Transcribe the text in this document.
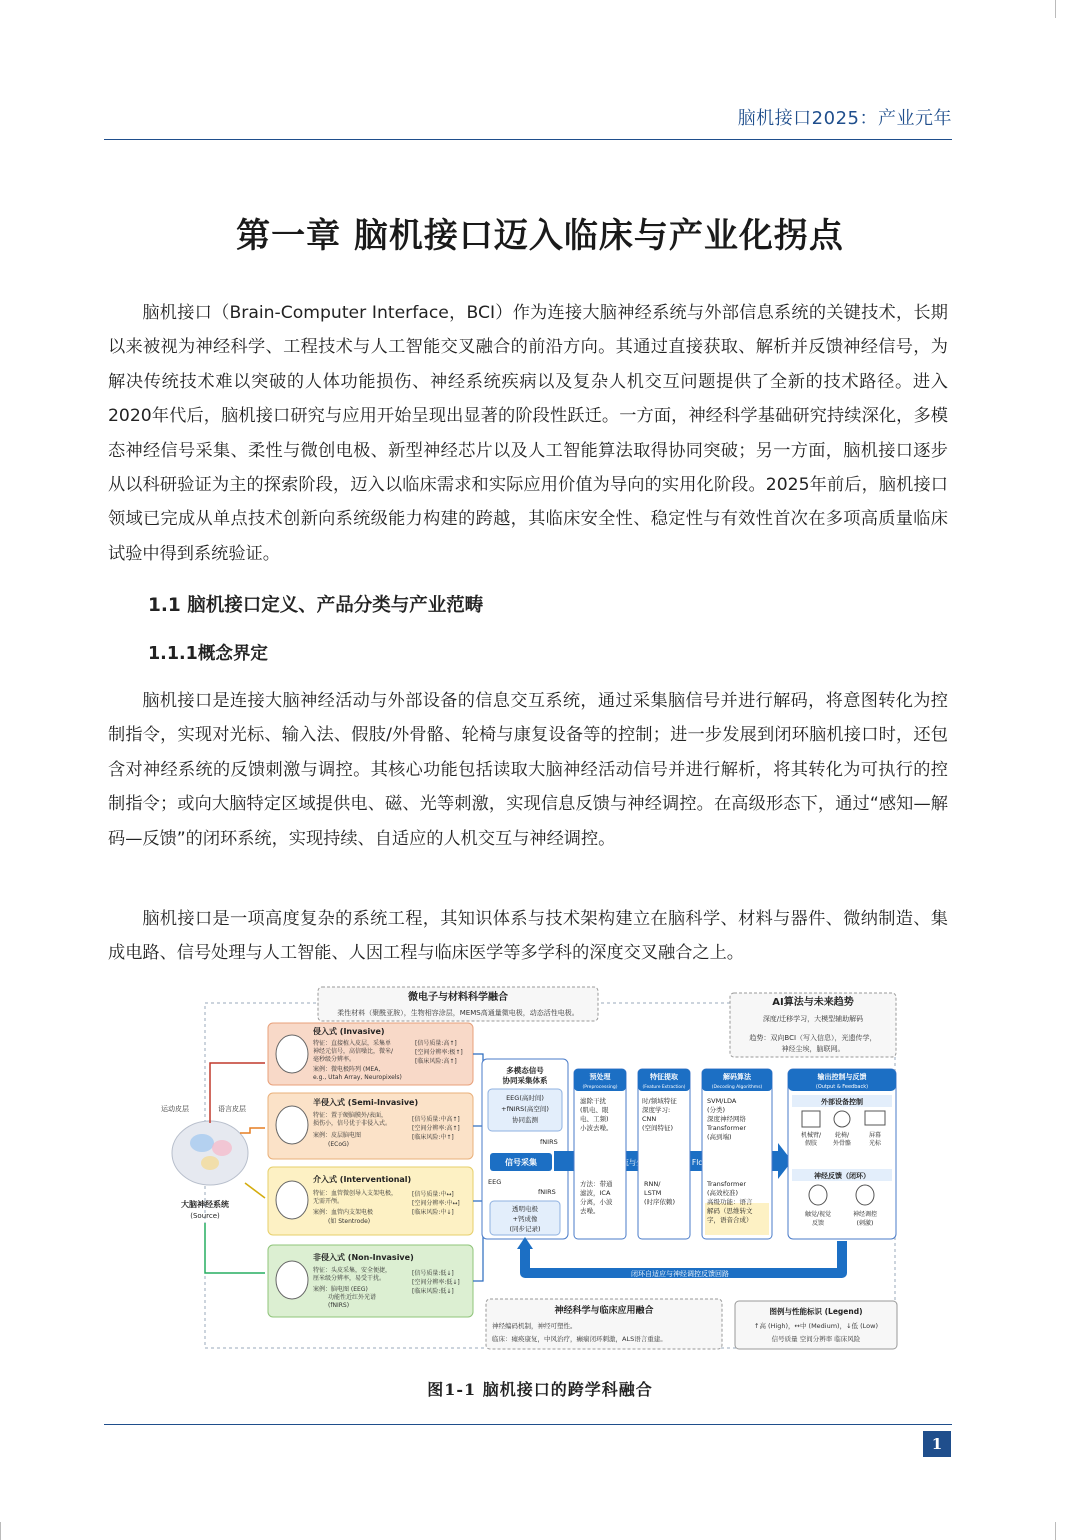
脑机接口2025：产业元年
第一章 脑机接口迈入临床与产业化拐点

脑机接口（Brain-Computer Interface，BCI）作为连接大脑神经系统与外部信息系统的关键技术，长期以来被视为神经科学、工程技术与人工智能交叉融合的前沿方向。其通过直接获取、解析并反馈神经信号，为解决传统技术难以突破的人体功能损伤、神经系统疾病以及复杂人机交互问题提供了全新的技术路径。进入2020年代后，脑机接口研究与应用开始呈现出显著的阶段性跃迁。一方面，神经科学基础研究持续深化，多模态神经信号采集、柔性与微创电极、新型神经芯片以及人工智能算法取得协同突破；另一方面，脑机接口逐步从以科研验证为主的探索阶段，迈入以临床需求和实际应用价值为导向的实用化阶段。2025年前后，脑机接口领域已完成从单点技术创新向系统级能力构建的跨越，其临床安全性、稳定性与有效性首次在多项高质量临床试验中得到系统验证。

1.1 脑机接口定义、产品分类与产业范畴
1.1.1概念界定

脑机接口是连接大脑神经活动与外部设备的信息交互系统，通过采集脑信号并进行解码，将意图转化为控制指令，实现对光标、输入法、假肢/外骨骼、轮椅与康复设备等的控制；进一步发展到闭环脑机接口时，还包含对神经系统的反馈刺激与调控。其核心功能包括读取大脑神经活动信号并进行解析，将其转化为可执行的控制指令；或向大脑特定区域提供电、磁、光等刺激，实现信息反馈与神经调控。在高级形态下，通过“感知—解码—反馈”的闭环系统，实现持续、自适应的人机交互与神经调控。

脑机接口是一项高度复杂的系统工程，其知识体系与技术架构建立在脑科学、材料与器件、微纳制造、集成电路、信号处理与人工智能、人因工程与临床医学等多学科的深度交叉融合之上。

微电子与材料科学融合
柔性材料（聚酰亚胺），生物相容涂层，MEMS高通量微电极，动态活性电极。
AI算法与未来趋势
深度/迁移学习，大模型辅助解码
趋势：双向BCI（写入信息），光遗传学，
神经尘埃，脑联网。
运动皮层	语言皮层
大脑神经系统
(Source)
侵入式 (Invasive)
特征：直接植入皮层，采集单
神经元信号，高信噪比，微米/
毫秒级分辨率。
案例：微电极阵列 (MEA,
e.g., Utah Array, Neuropixels)
[信号质量:高↑]
[空间分辨率:极↑]
[临床风险:高↑]
半侵入式 (Semi-Invasive)
特征：置于硬脑膜外/表面，
损伤小，信号优于非侵入式。
案例：皮层脑电图
(ECoG)
[信号质量:中高↑]
[空间分辨率:高↑]
[临床风险:中↑]
介入式 (Interventional)
特征：血管微创导入支架电极，
无需开颅。
案例：血管内支架电极
(如 Stentrode)
[信号质量:中↔]
[空间分辨率:中↔]
[临床风险:中↓]
非侵入式 (Non-Invasive)
特征：头皮采集，安全便捷，
厘米级分辨率，易受干扰。
案例：脑电图 (EEG)
功能性近红外光谱
(fNIRS)
[信号质量:低↓]
[空间分辨率:低↓]
[临床风险:低↓]
多模态信号
协同采集体系
EEG(高时间)
+fNIRS(高空间)
协同监测
fNIRS
信号采集
EEG
fNIRS
透明电极
+钙成像
(同步记录)
数据流与处理链条 Flow
预处理
(Preprocessing)
滤除干扰(肌电、眼电、工频)小波去噪。
方法：带通滤波，ICA 分离，小波去噪。
特征提取
(Feature Extraction)
时/频域特征深度学习: CNN (空间特征)
RNN/ LSTM (时序依赖)
解码算法
(Decoding Algorithms)
SVM/LDA (分类)深度神经网络 Transformer (高到端)
Transformer (高效校准)高级功能：语言解码（思维转文字，语音合成）
输出控制与反馈
(Output & Feedback)
外部设备控制
机械臂/
假肢
轮椅/
外骨骼
屏幕
光标
神经反馈（闭环）
触觉/视觉
反馈
神经调控
(刺激)
闭环自适应与神经调控反馈回路
神经科学与临床应用融合
神经编码机制，神经可塑性。
临床：瘫痪康复，中风治疗，癫痫闭环刺激，ALS语言重建。
图例与性能标识 (Legend)
↑高 (High)，↔中 (Medium)，↓低 (Low)
信号质量 空间分辨率 临床风险
图1-1 脑机接口的跨学科融合
1
